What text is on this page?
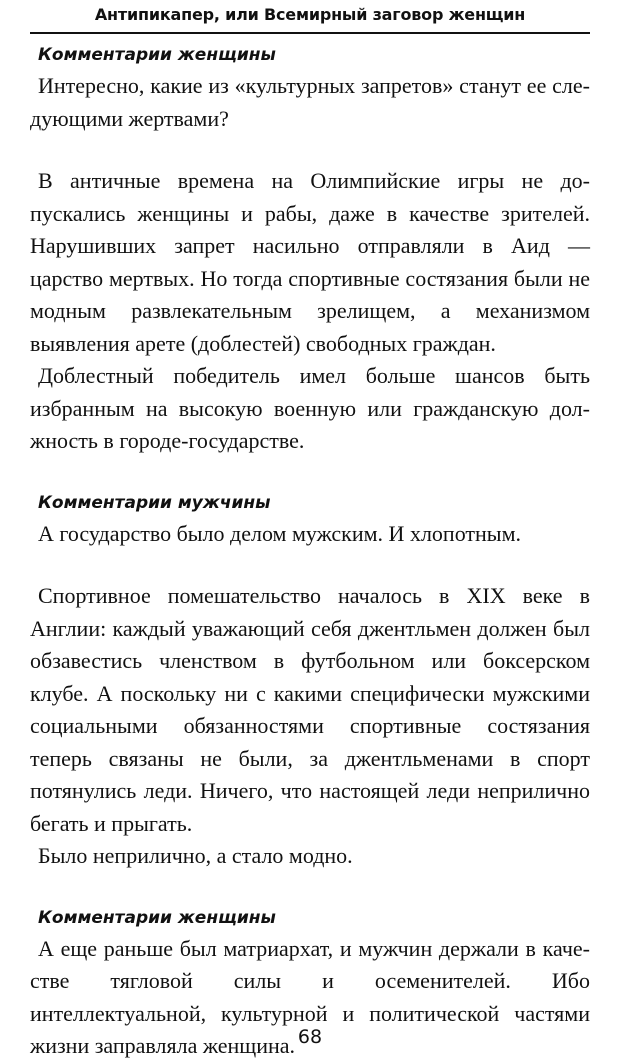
Антипикапер, или Всемирный заговор женщин

Комментарии женщины

Интересно, какие из «культурных запретов» станут ее следующими жертвами?

В античные времена на Олимпийские игры не допускались женщины и рабы, даже в качестве зрителей. Нарушивших запрет насильно отправляли в Аид — царство мертвых. Но тогда спортивные состязания были не модным развлекательным зрелищем, а механизмом выявления арете (доблестей) свободных граждан.

Доблестный победитель имел больше шансов быть избранным на высокую военную или гражданскую должность в городе-государстве.

Комментарии мужчины

А государство было делом мужским. И хлопотным.

Спортивное помешательство началось в XIX веке в Англии: каждый уважающий себя джентльмен должен был обзавестись членством в футбольном или боксерском клубе. А поскольку ни с какими специфически мужскими социальными обязанностями спортивные состязания теперь связаны не были, за джентльменами в спорт потянулись леди. Ничего, что настоящей леди неприлично бегать и прыгать.

Было неприлично, а стало модно.

Комментарии женщины

А еще раньше был матриархат, и мужчин держали в качестве тягловой силы и осеменителей. Ибо интеллектуальной, культурной и политической частями жизни заправляла женщина. 68
